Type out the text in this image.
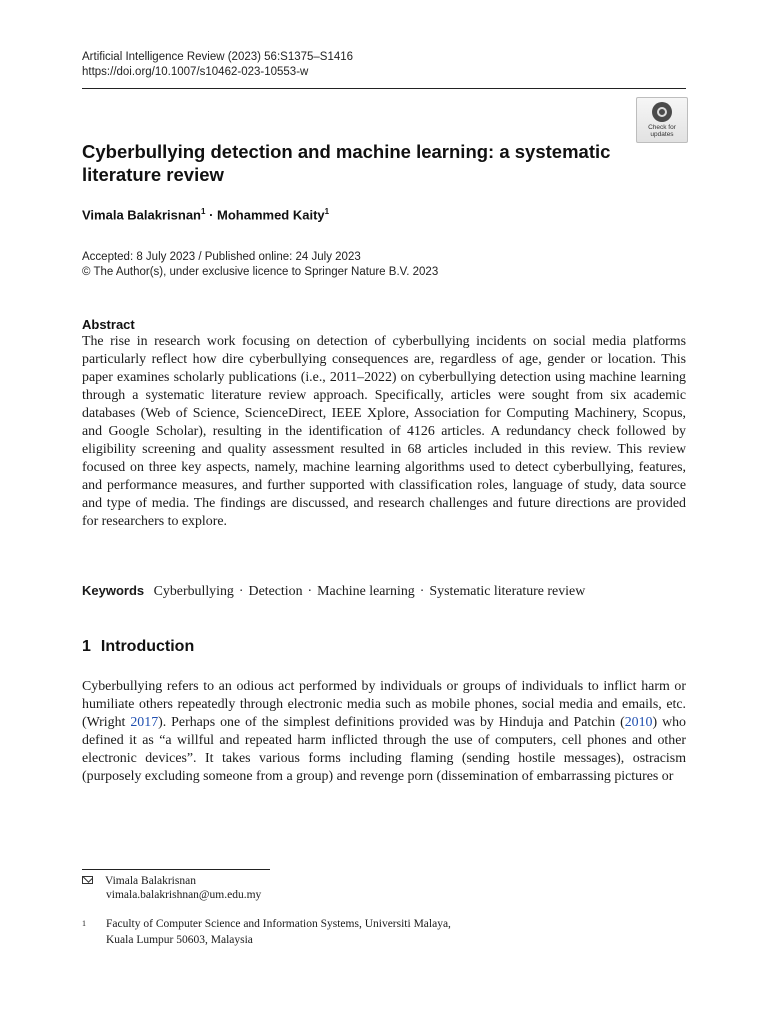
Artificial Intelligence Review (2023) 56:S1375–S1416
https://doi.org/10.1007/s10462-023-10553-w
Check for
updates
Cyberbullying detection and machine learning: a systematic
literature review
Vimala Balakrisnan$^1$ · Mohammed Kaity$^1$
Accepted: 8 July 2023 / Published online: 24 July 2023
© The Author(s), under exclusive licence to Springer Nature B.V. 2023
Abstract
The rise in research work focusing on detection of cyberbullying incidents on social media platforms particularly reflect how dire cyberbullying consequences are, regardless of age, gender or location. This paper examines scholarly publications (i.e., 2011–2022) on cyberbullying detection using machine learning through a systematic literature review approach. Specifically, articles were sought from six academic databases (Web of Science, ScienceDirect, IEEE Xplore, Association for Computing Machinery, Scopus, and Google Scholar), resulting in the identification of 4126 articles. A redundancy check followed by eligibility screening and quality assessment resulted in 68 articles included in this review. This review focused on three key aspects, namely, machine learning algorithms used to detect cyberbullying, features, and performance measures, and further supported with classification roles, language of study, data source and type of media. The findings are discussed, and research challenges and future directions are provided for researchers to explore.
Keywords Cyberbullying · Detection · Machine learning · Systematic literature review
1 Introduction
Cyberbullying refers to an odious act performed by individuals or groups of individuals to inflict harm or humiliate others repeatedly through electronic media such as mobile phones, social media and emails, etc. (Wright 2017). Perhaps one of the simplest definitions provided was by Hinduja and Patchin (2010) who defined it as “a willful and repeated harm inflicted through the use of computers, cell phones and other electronic devices”. It takes various forms including flaming (sending hostile messages), ostracism (purposely excluding someone from a group) and revenge porn (dissemination of embarrassing pictures or
Vimala Balakrisnan
vimala.balakrishnan@um.edu.my
1 Faculty of Computer Science and Information Systems, Universiti Malaya,
Kuala Lumpur 50603, Malaysia
